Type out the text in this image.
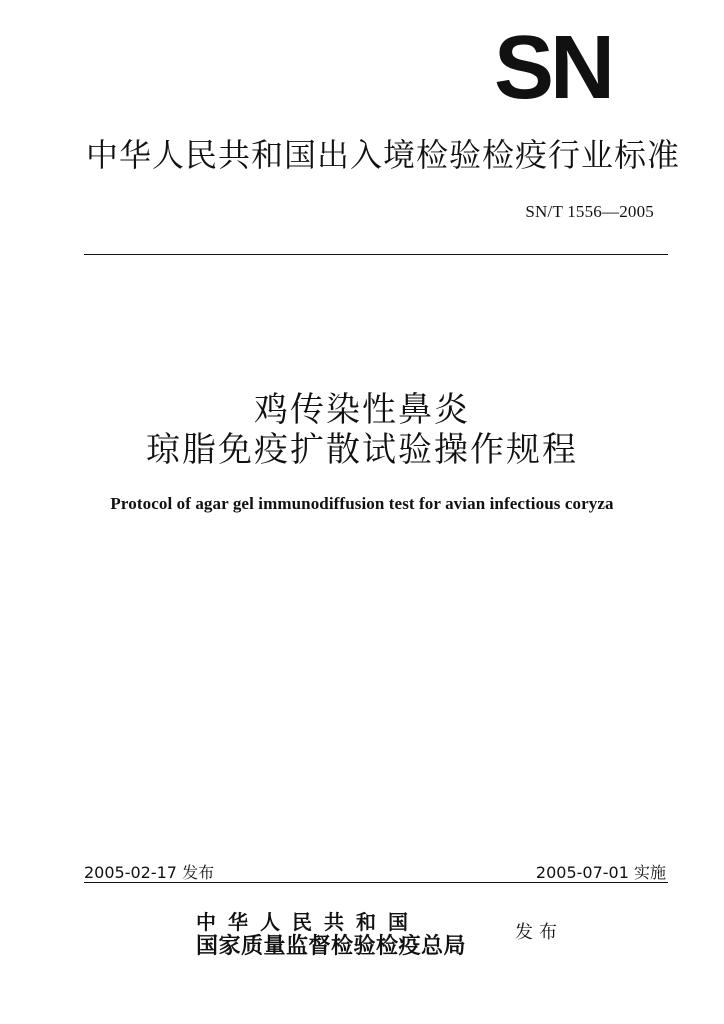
SN
中华人民共和国出入境检验检疫行业标准
SN/T 1556—2005
鸡传染性鼻炎
琼脂免疫扩散试验操作规程
Protocol of agar gel immunodiffusion test for avian infectious coryza
2005-02-17 发布	2005-07-01 实施
中华人民共和国
国家质量监督检验检疫总局
发布
